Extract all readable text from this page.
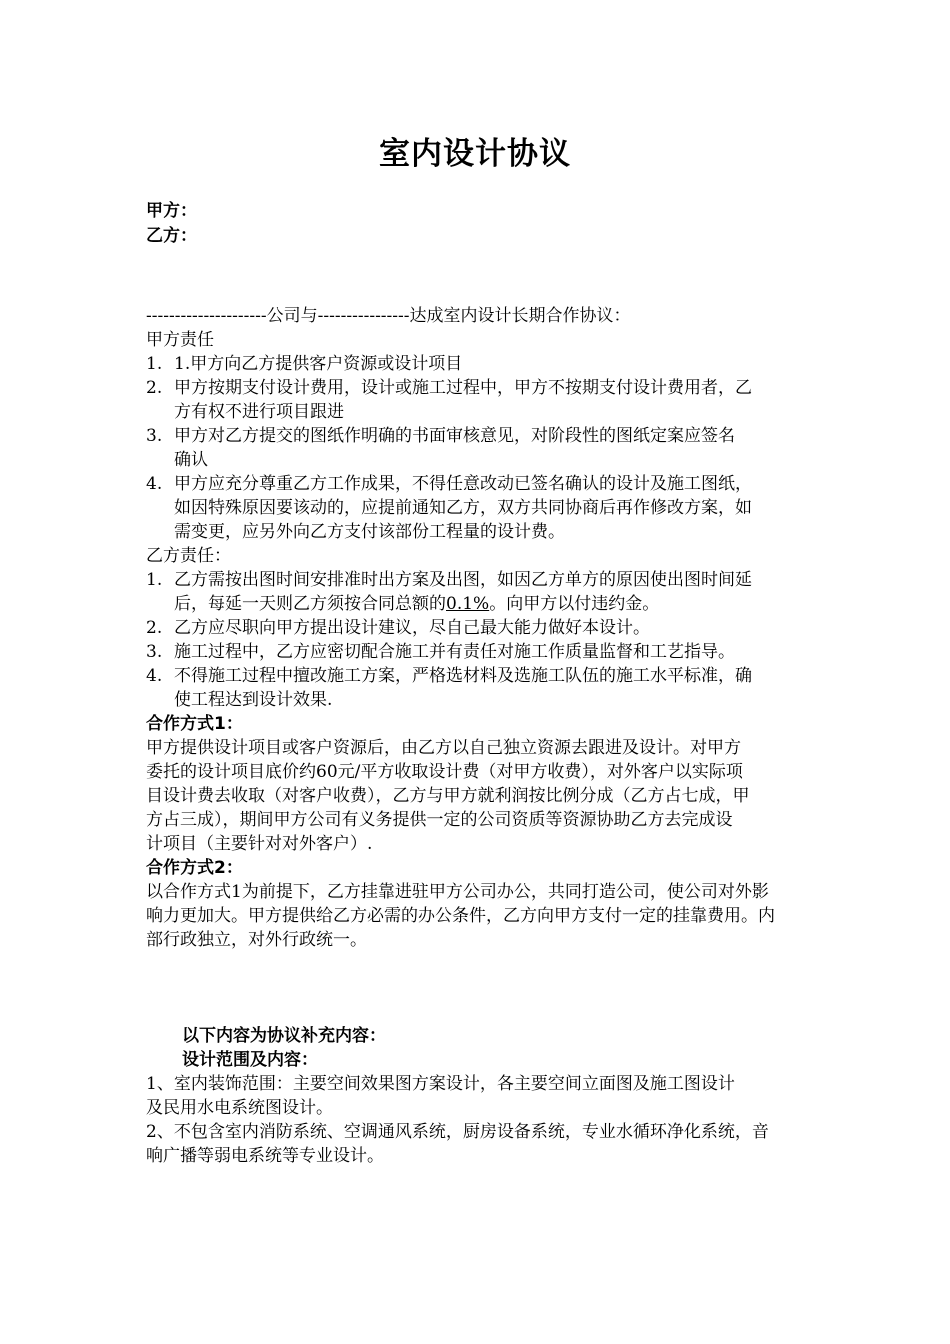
室内设计协议
甲方：
乙方：
---------------------公司与----------------达成室内设计长期合作协议：
甲方责任
1. 1.甲方向乙方提供客户资源或设计项目
2. 甲方按期支付设计费用，设计或施工过程中，甲方不按期支付设计费用者，乙
方有权不进行项目跟进
3. 甲方对乙方提交的图纸作明确的书面审核意见，对阶段性的图纸定案应签名
确认
4. 甲方应充分尊重乙方工作成果，不得任意改动已签名确认的设计及施工图纸，
如因特殊原因要该动的，应提前通知乙方，双方共同协商后再作修改方案，如
需变更，应另外向乙方支付该部份工程量的设计费。
乙方责任：
1. 乙方需按出图时间安排准时出方案及出图，如因乙方单方的原因使出图时间延
后，每延一天则乙方须按合同总额的0.1%。向甲方以付违约金。
2. 乙方应尽职向甲方提出设计建议，尽自己最大能力做好本设计。
3. 施工过程中，乙方应密切配合施工并有责任对施工作质量监督和工艺指导。
4. 不得施工过程中擅改施工方案，严格选材料及选施工队伍的施工水平标准，确
使工程达到设计效果.
合作方式1：
甲方提供设计项目或客户资源后，由乙方以自己独立资源去跟进及设计。对甲方
委托的设计项目底价约60元/平方收取设计费（对甲方收费），对外客户以实际项
目设计费去收取（对客户收费），乙方与甲方就利润按比例分成（乙方占七成，甲
方占三成），期间甲方公司有义务提供一定的公司资质等资源协助乙方去完成设
计项目（主要针对对外客户）.
合作方式2：
以合作方式1为前提下，乙方挂靠进驻甲方公司办公，共同打造公司，使公司对外影
响力更加大。甲方提供给乙方必需的办公条件，乙方向甲方支付一定的挂靠费用。内
部行政独立，对外行政统一。
以下内容为协议补充内容：
设计范围及内容：
1、室内装饰范围：主要空间效果图方案设计，各主要空间立面图及施工图设计
及民用水电系统图设计。
2、不包含室内消防系统、空调通风系统，厨房设备系统，专业水循环净化系统，音
响广播等弱电系统等专业设计。
